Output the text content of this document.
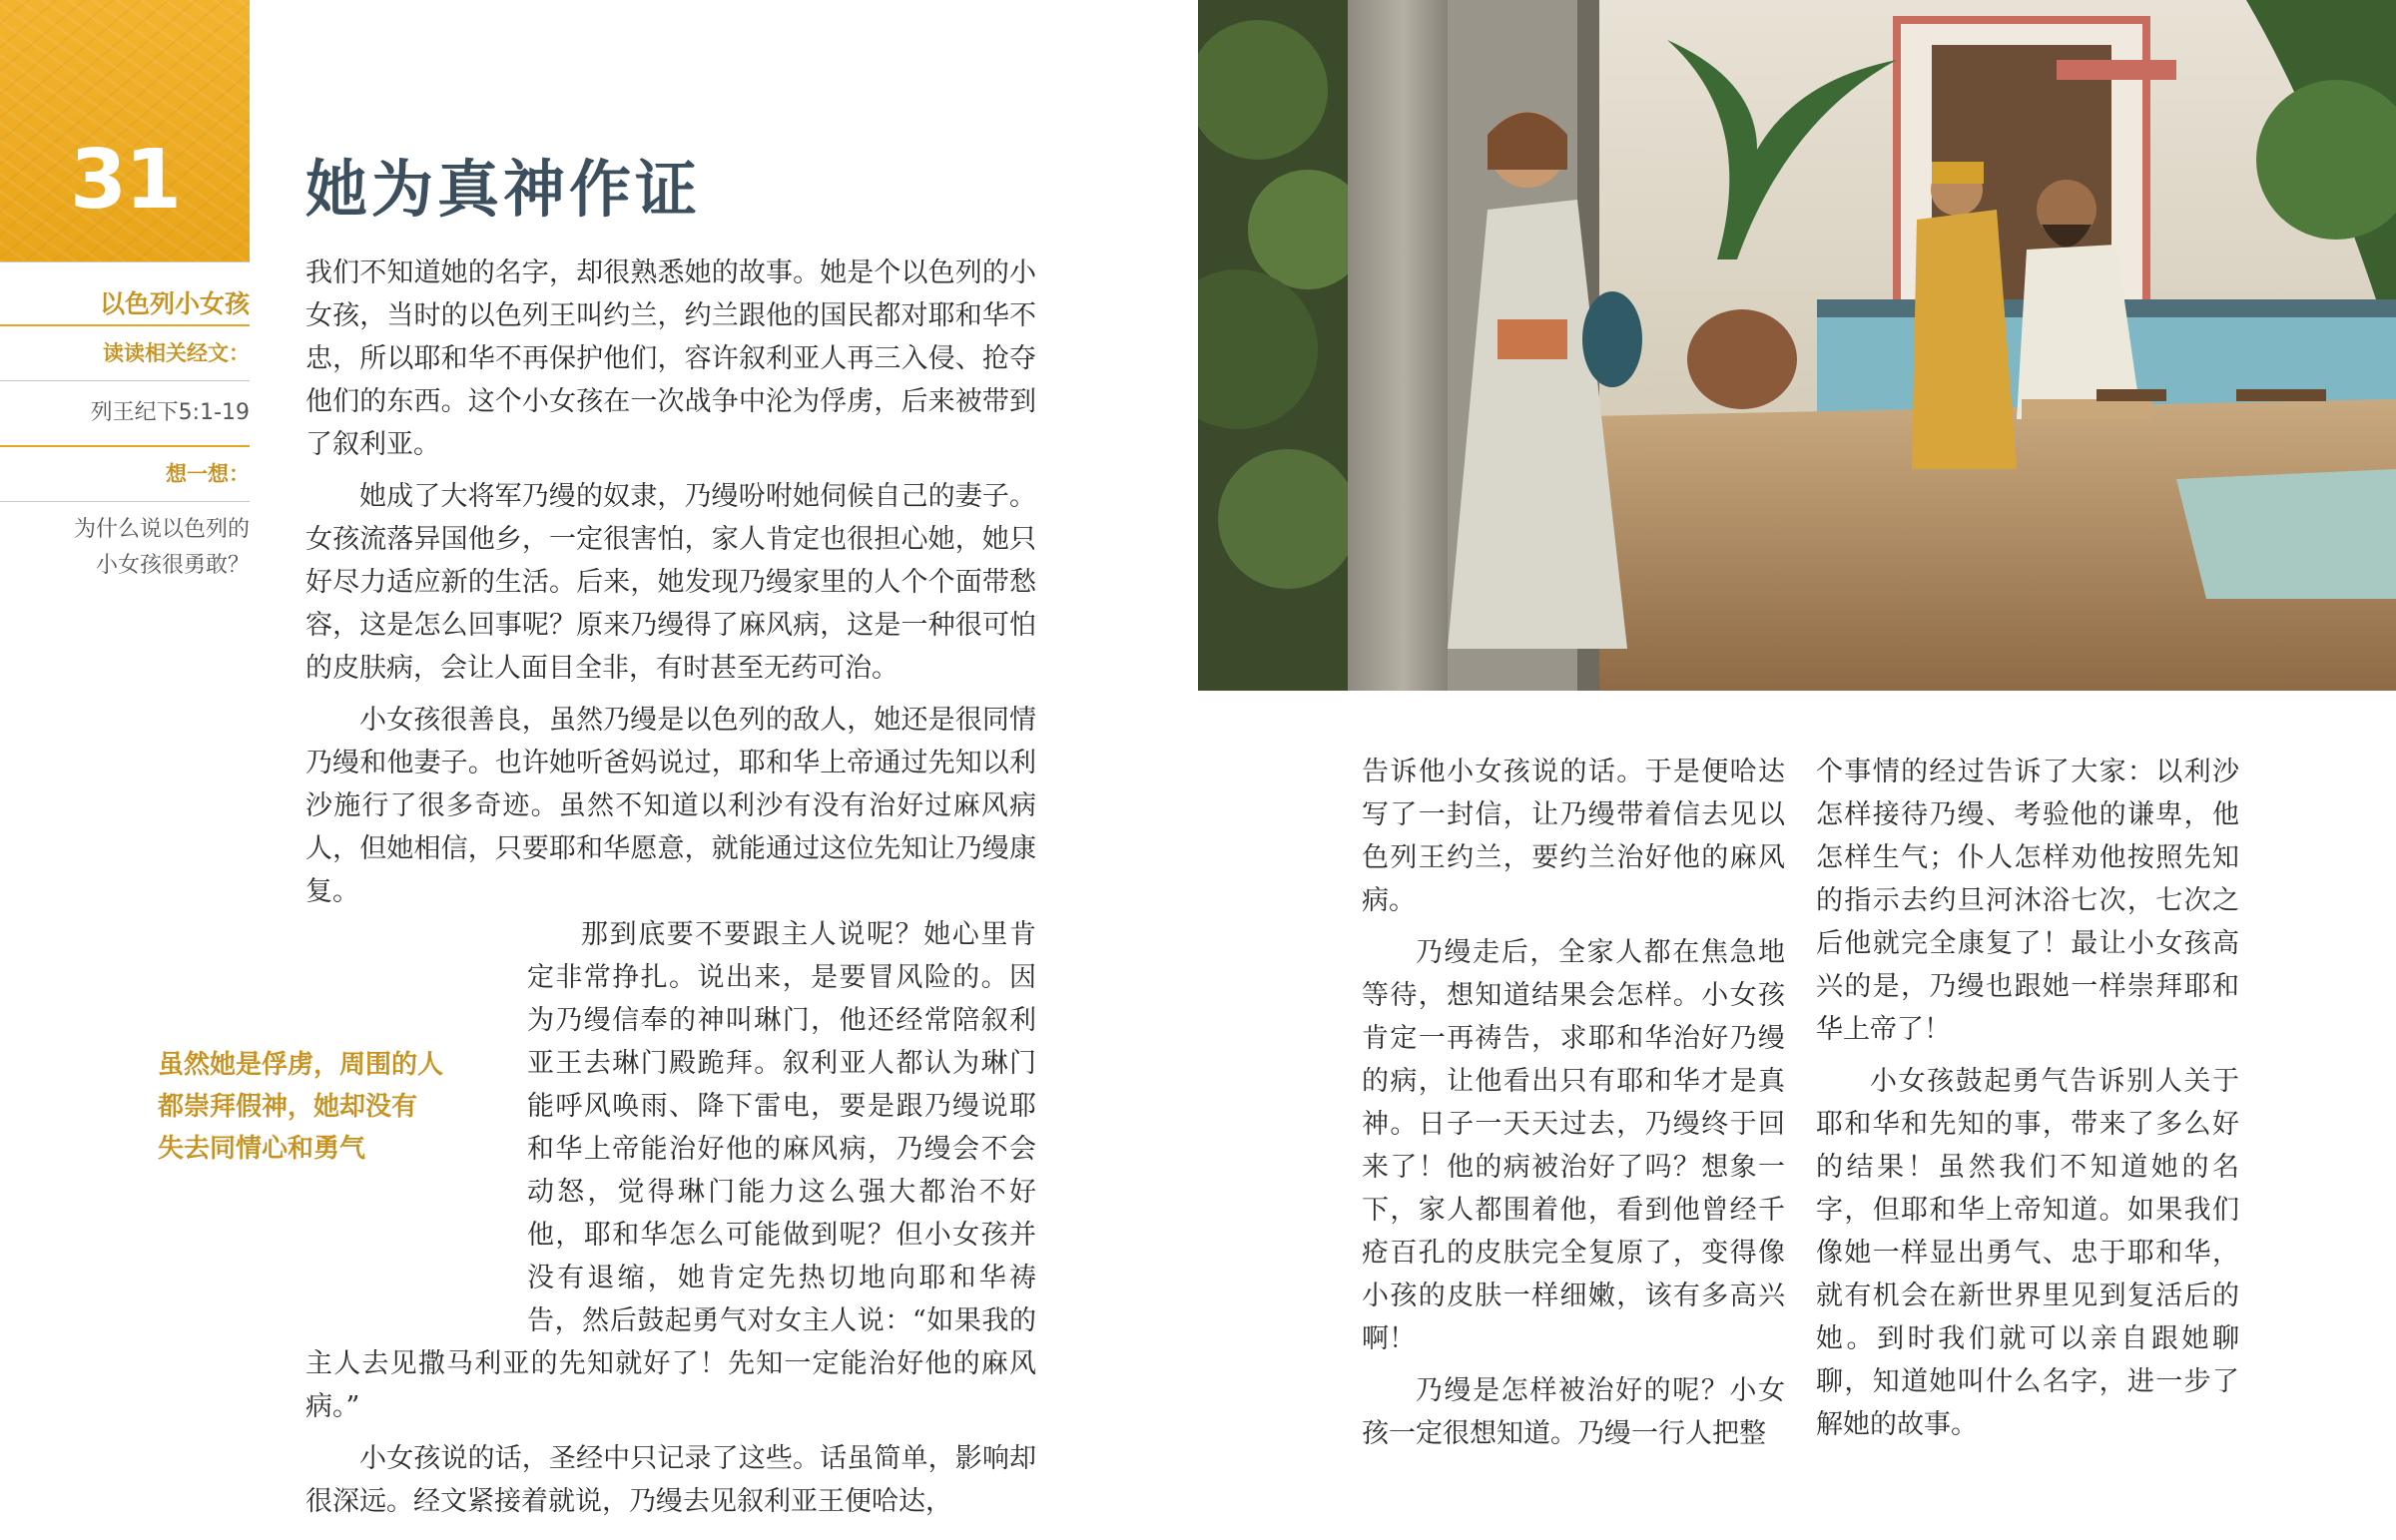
31
以色列小女孩
读读相关经文：
列王纪下5:1-19
想一想：
为什么说以色列的
小女孩很勇敢？
她为真神作证
虽然她是俘虏，周围的人
都崇拜假神，她却没有
失去同情心和勇气

我们不知道她的名字，却很熟悉她的故事。她是个以色列的小女孩，当时的以色列王叫约兰，约兰跟他的国民都对耶和华不忠，所以耶和华不再保护他们，容许叙利亚人再三入侵、抢夺他们的东西。这个小女孩在一次战争中沦为俘虏，后来被带到了叙利亚。

她成了大将军乃缦的奴隶，乃缦吩咐她伺候自己的妻子。女孩流落异国他乡，一定很害怕，家人肯定也很担心她，她只好尽力适应新的生活。后来，她发现乃缦家里的人个个面带愁容，这是怎么回事呢？原来乃缦得了麻风病，这是一种很可怕的皮肤病，会让人面目全非，有时甚至无药可治。

小女孩很善良，虽然乃缦是以色列的敌人，她还是很同情乃缦和他妻子。也许她听爸妈说过，耶和华上帝通过先知以利沙施行了很多奇迹。虽然不知道以利沙有没有治好过麻风病人，但她相信，只要耶和华愿意，就能通过这位先知让乃缦康复。

那到底要不要跟主人说呢？她心里肯定非常挣扎。说出来，是要冒风险的。因为乃缦信奉的神叫琳门，他还经常陪叙利亚王去琳门殿跪拜。叙利亚人都认为琳门能呼风唤雨、降下雷电，要是跟乃缦说耶和华上帝能治好他的麻风病，乃缦会不会动怒，觉得琳门能力这么强大都治不好他，耶和华怎么可能做到呢？但小女孩并没有退缩，她肯定先热切地向耶和华祷告，然后鼓起勇气对女主人说：“如果我的主人去见撒马利亚的先知就好了！先知一定能治好他的麻风病。”

小女孩说的话，圣经中只记录了这些。话虽简单，影响却很深远。经文紧接着就说，乃缦去见叙利亚王便哈达，

告诉他小女孩说的话。于是便哈达写了一封信，让乃缦带着信去见以色列王约兰，要约兰治好他的麻风病。

乃缦走后，全家人都在焦急地等待，想知道结果会怎样。小女孩肯定一再祷告，求耶和华治好乃缦的病，让他看出只有耶和华才是真神。日子一天天过去，乃缦终于回来了！他的病被治好了吗？想象一下，家人都围着他，看到他曾经千疮百孔的皮肤完全复原了，变得像小孩的皮肤一样细嫩，该有多高兴啊！

乃缦是怎样被治好的呢？小女孩一定很想知道。乃缦一行人把整

个事情的经过告诉了大家：以利沙怎样接待乃缦、考验他的谦卑，他怎样生气；仆人怎样劝他按照先知的指示去约旦河沐浴七次，七次之后他就完全康复了！最让小女孩高兴的是，乃缦也跟她一样崇拜耶和华上帝了！

小女孩鼓起勇气告诉别人关于耶和华和先知的事，带来了多么好的结果！虽然我们不知道她的名字，但耶和华上帝知道。如果我们像她一样显出勇气、忠于耶和华，就有机会在新世界里见到复活后的她。到时我们就可以亲自跟她聊聊，知道她叫什么名字，进一步了解她的故事。
